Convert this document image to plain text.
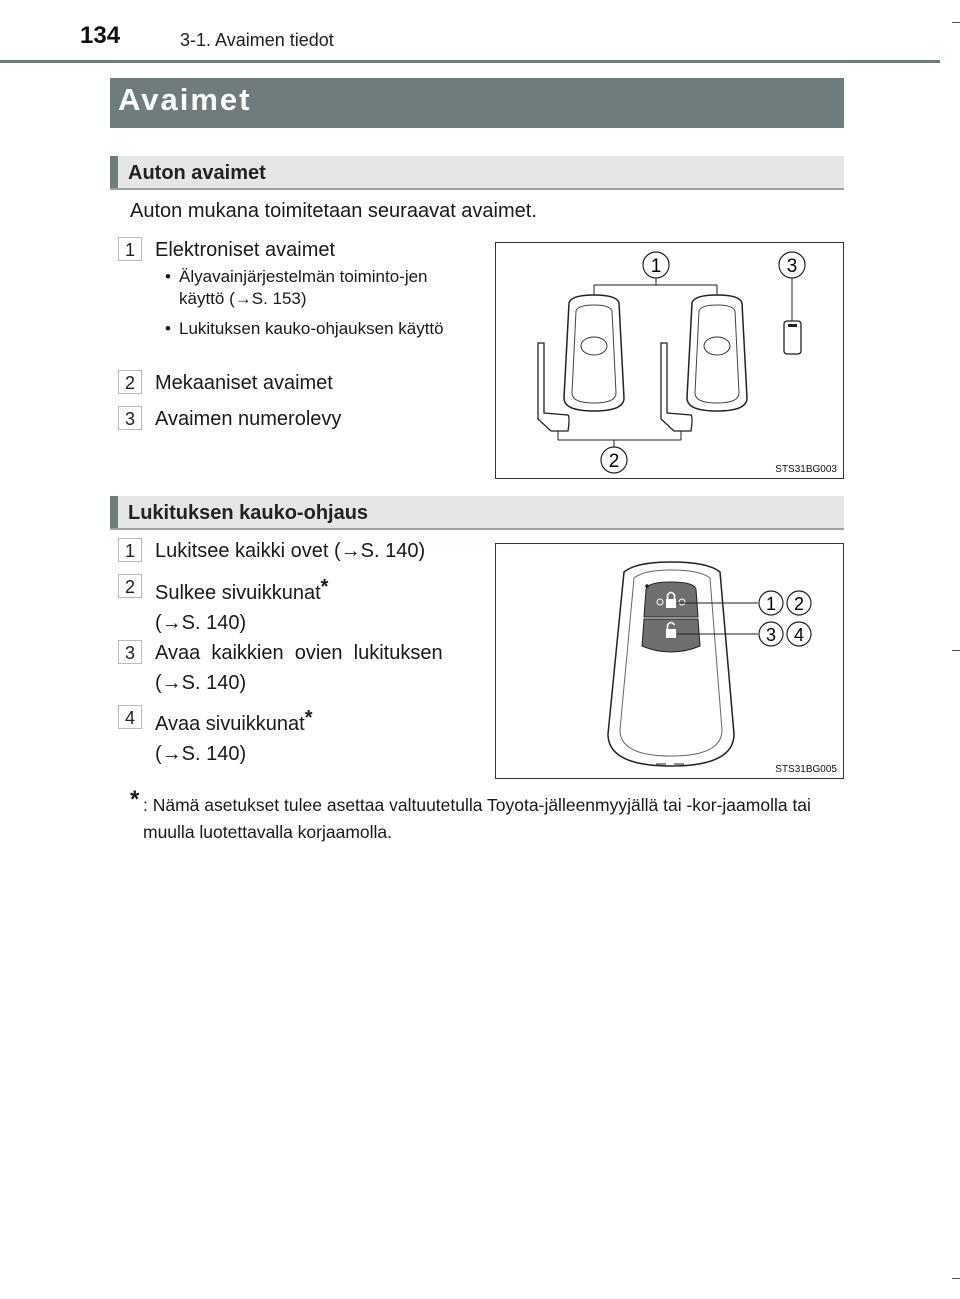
134	3-1. Avaimen tiedot
Avaimet
Auton avaimet
Auton mukana toimitetaan seuraavat avaimet.
1 Elektroniset avaimet
• Älyavainjärjestelmän toiminto-jen käyttö (→S. 153)
• Lukituksen kauko-ohjauksen käyttö
2 Mekaaniset avaimet
3 Avaimen numerolevy
1	3
2	STS31BG003
Lukituksen kauko-ohjaus
1 Lukitsee kaikki ovet (→S. 140)
2 Sulkee sivuikkunat*
(→S. 140)
3 Avaa  kaikkien  ovien  lukituksen
(→S. 140)
4 Avaa sivuikkunat*
(→S. 140)
1 2
3 4
STS31BG005
* : Nämä asetukset tulee asettaa valtuutetulla Toyota-jälleenmyyjällä tai -kor-jaamolla tai muulla luotettavalla korjaamolla.
